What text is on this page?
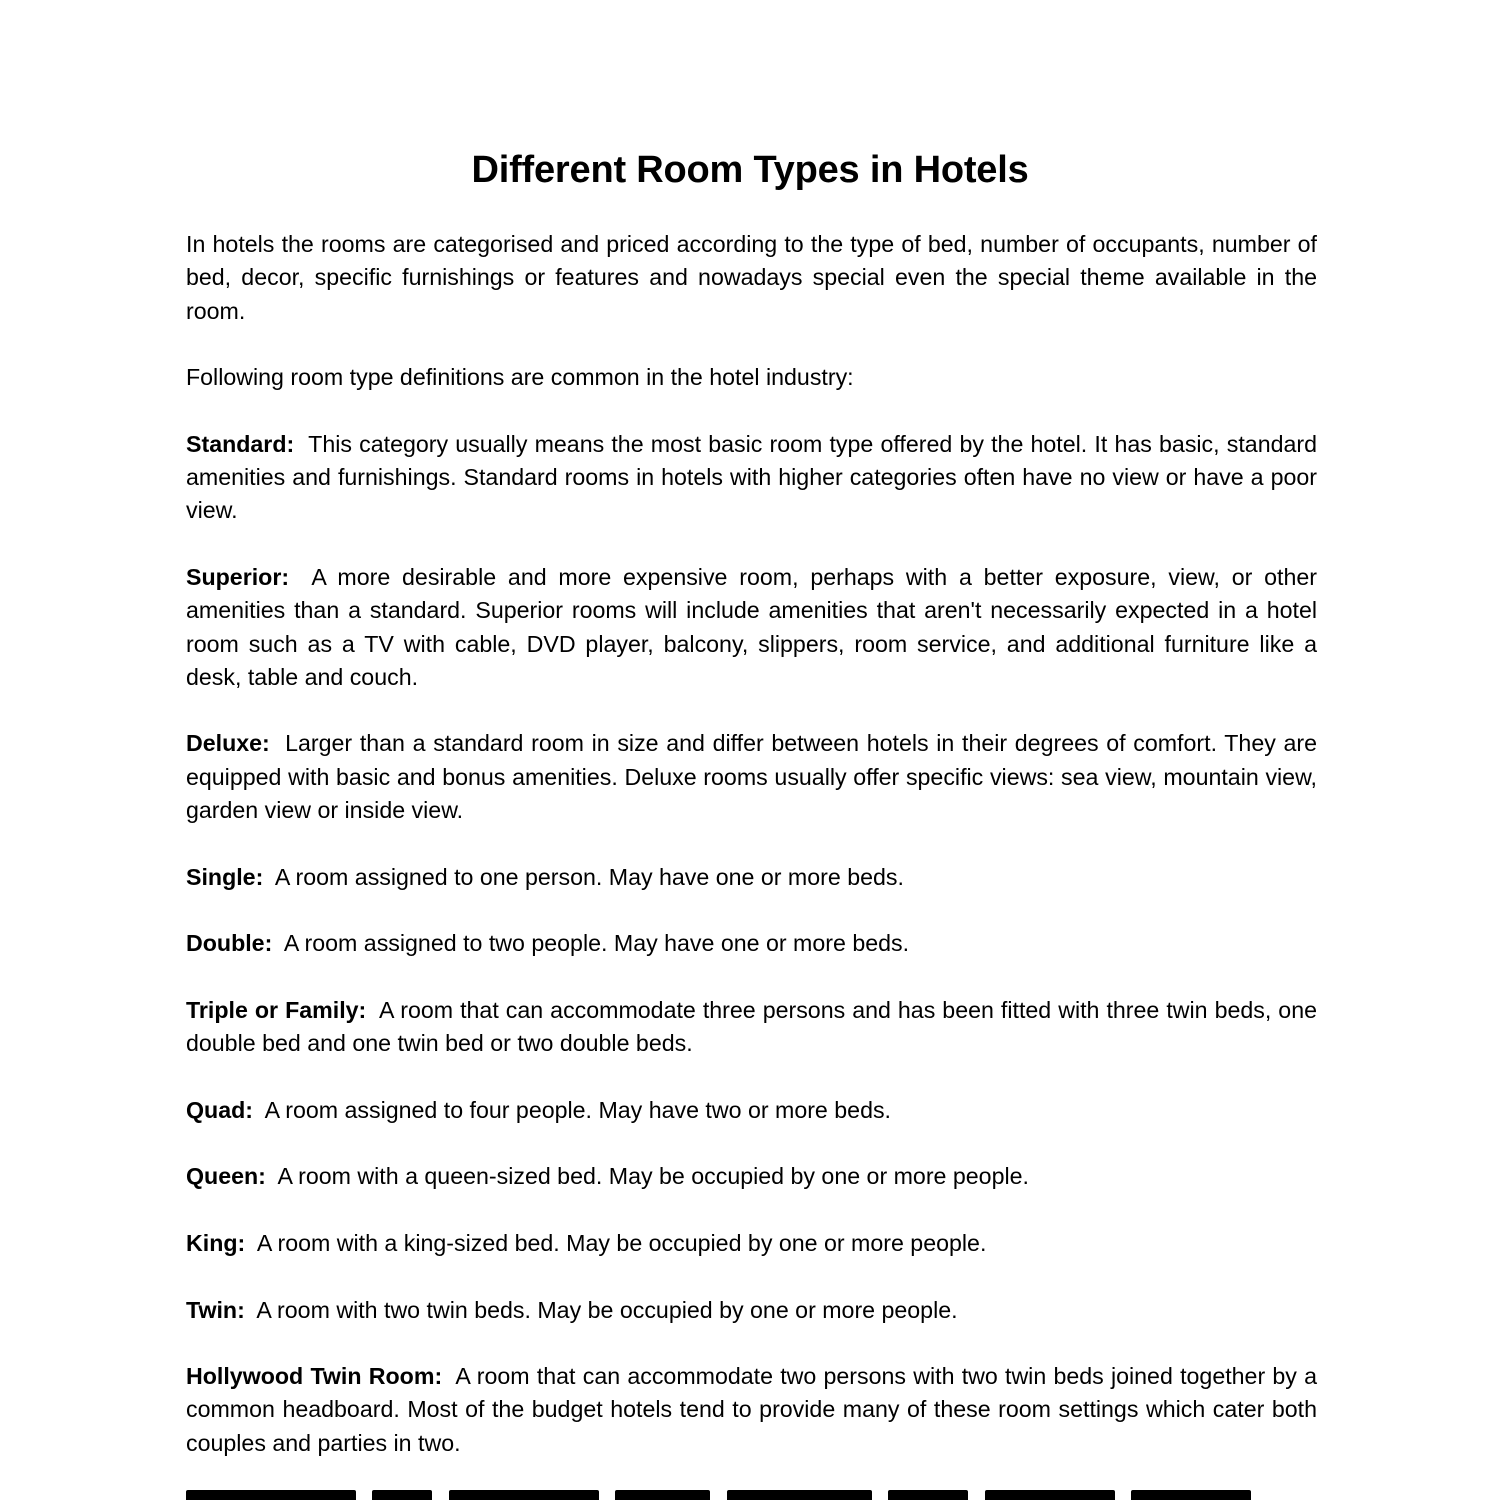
Different Room Types in Hotels

In hotels the rooms are categorised and priced according to the type of bed, number of occupants, number of bed, decor, specific furnishings or features and nowadays special even the special theme available in the room.

Following room type definitions are common in the hotel industry:

Standard: This category usually means the most basic room type offered by the hotel. It has basic, standard amenities and furnishings. Standard rooms in hotels with higher categories often have no view or have a poor view.

Superior: A more desirable and more expensive room, perhaps with a better exposure, view, or other amenities than a standard. Superior rooms will include amenities that aren't necessarily expected in a hotel room such as a TV with cable, DVD player, balcony, slippers, room service, and additional furniture like a desk, table and couch.

Deluxe: Larger than a standard room in size and differ between hotels in their degrees of comfort. They are equipped with basic and bonus amenities. Deluxe rooms usually offer specific views: sea view, mountain view, garden view or inside view.

Single: A room assigned to one person. May have one or more beds.

Double: A room assigned to two people. May have one or more beds.

Triple or Family: A room that can accommodate three persons and has been fitted with three twin beds, one double bed and one twin bed or two double beds.

Quad: A room assigned to four people. May have two or more beds.

Queen: A room with a queen-sized bed. May be occupied by one or more people.

King: A room with a king-sized bed. May be occupied by one or more people.

Twin: A room with two twin beds. May be occupied by one or more people.

Hollywood Twin Room: A room that can accommodate two persons with two twin beds joined together by a common headboard. Most of the budget hotels tend to provide many of these room settings which cater both couples and parties in two.
